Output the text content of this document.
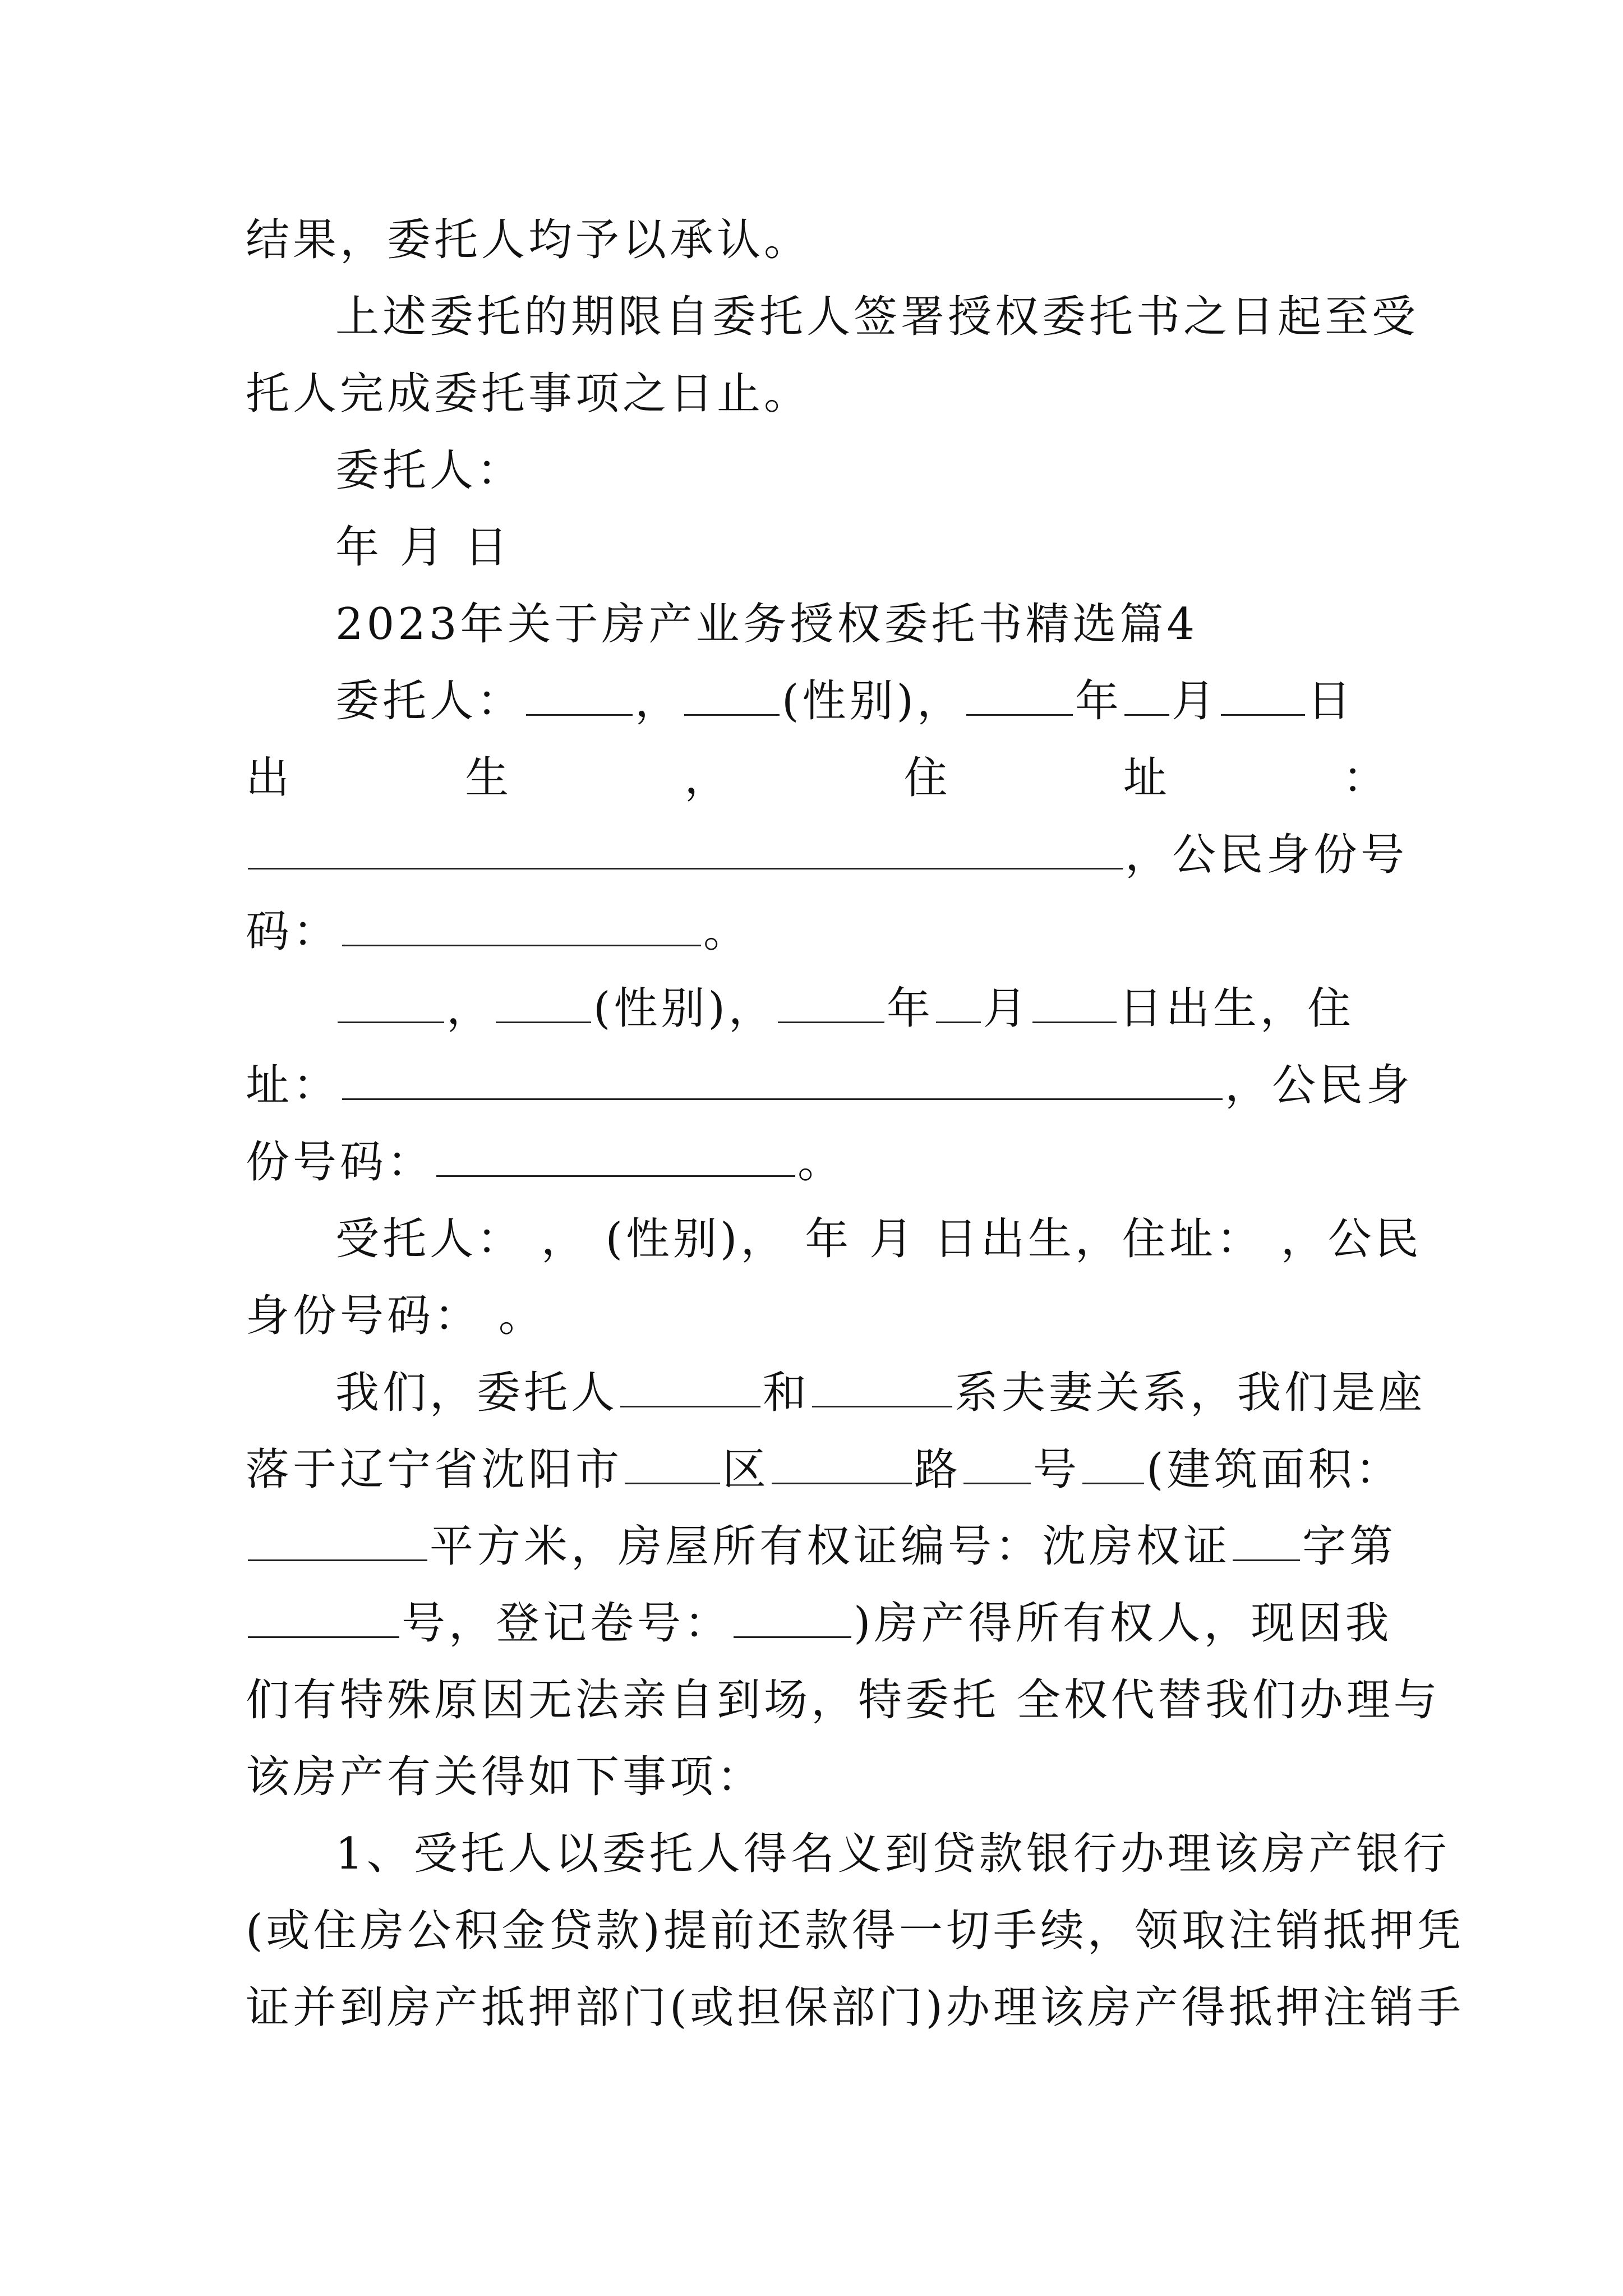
结果，委托人均予以承认。
上述委托的期限自委托人签署授权委托书之日起至受
托人完成委托事项之日止。
委托人：
年 月 日
2023年关于房产业务授权委托书精选篇4
委托人：	， (性别)，	年 月 日
出	生	，	住	址	：
，公民身份号
码：	。
， (性别)，	年 月 日出生，住
址：	，公民身
份号码：	。
受托人： ， (性别)， 年 月 日出生，住址： ，公民
身份号码： 。
我们，委托人	和	系夫妻关系，我们是座
落于辽宁省沈阳市 区	路 号 (建筑面积：
平方米，房屋所有权证编号：沈房权证 字第
号，登记卷号：	)房产得所有权人，现因我
们有特殊原因无法亲自到场，特委托 全权代替我们办理与
该房产有关得如下事项：
1、受托人以委托人得名义到贷款银行办理该房产银行
(或住房公积金贷款)提前还款得一切手续，领取注销抵押凭
证并到房产抵押部门(或担保部门)办理该房产得抵押注销手
